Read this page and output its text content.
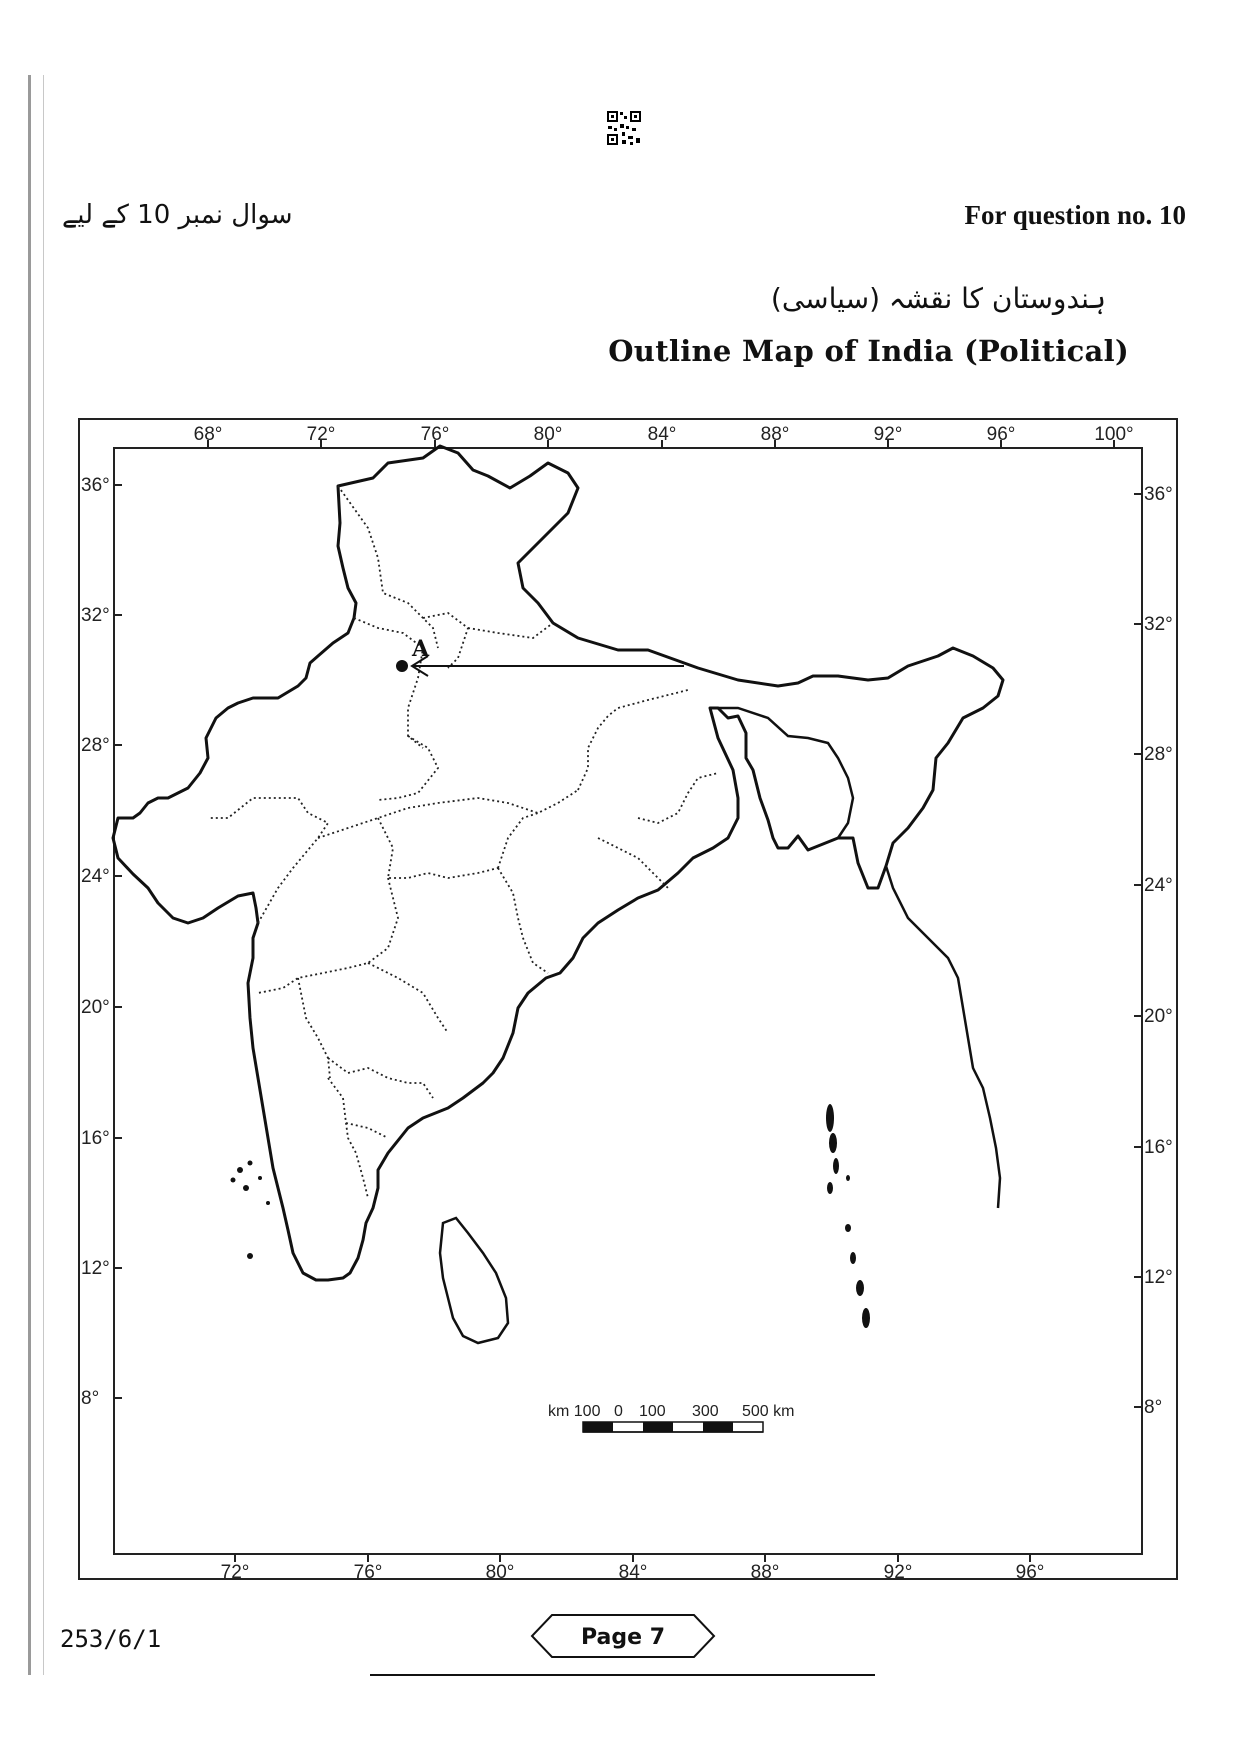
سوال نمبر 10 کے لیے	For question no. 10
ہندوستان کا نقشہ (سیاسی)
Outline Map of India (Political)
68°	72°	76°	80°	84°	88°	92°	96°	100°
72°	76°	80°	84°	88°	92°	96°
36°
32°
28°
24°
20°
16°
12°
8°
36°
32°
28°
24°
20°
16°
12°
8°
A
km 100 0 100 300 500 km
253/6/1	Page 7
